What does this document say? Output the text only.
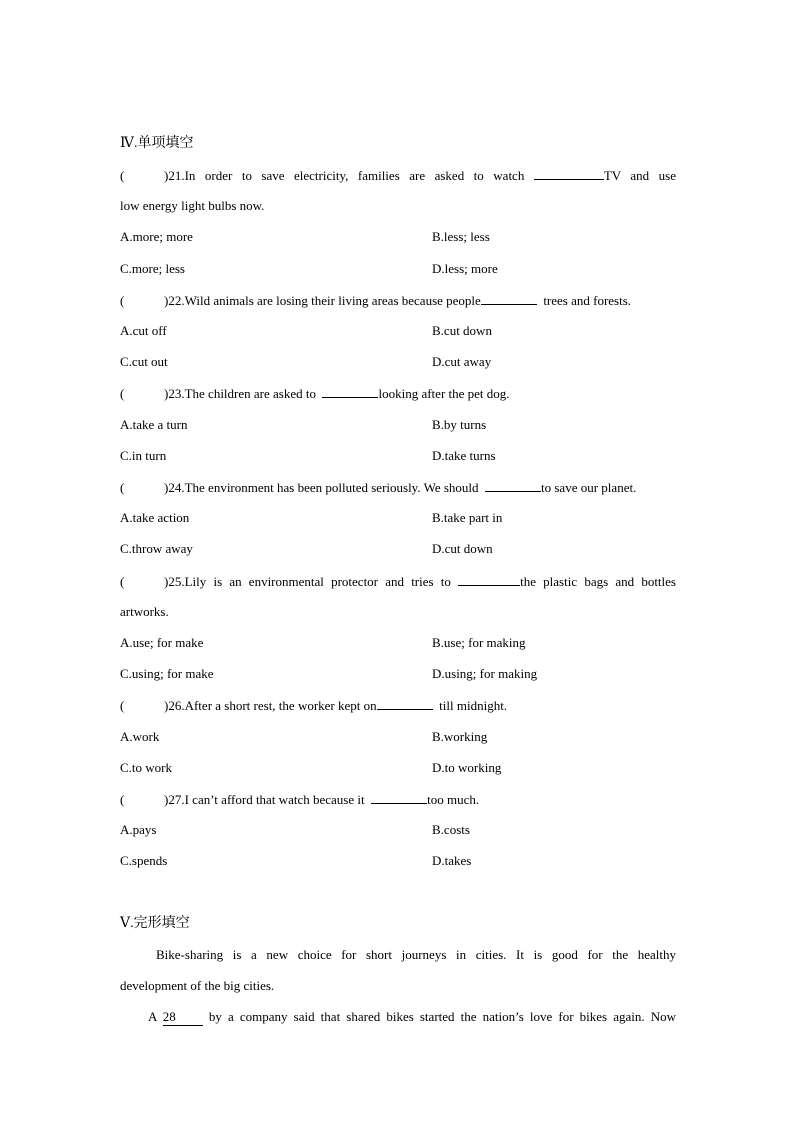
Ⅳ.单项填空
(	)21.In order to save electricity, families are asked to watch	TV and use
low energy light bulbs now.
A.more; more	B.less; less
C.more; less	D.less; more
(	)22.Wild animals are losing their living areas because people	trees and forests.
A.cut off	B.cut down
C.cut out	D.cut away
(	)23.The children are asked to	looking after the pet dog.
A.take a turn	B.by turns
C.in turn	D.take turns
(	)24.The environment has been polluted seriously. We should	to save our planet.
A.take action	B.take part in
C.throw away	D.cut down
(	)25.Lily is an environmental protector and tries to	the plastic bags and bottles
artworks.
A.use; for make	B.use; for making
C.using; for make	D.using; for making
(	)26.After a short rest, the worker kept on	till midnight.
A.work	B.working
C.to work	D.to working
(	)27.I can’t afford that watch because it	too much.
A.pays	B.costs
C.spends	D.takes
Ⅴ.完形填空
Bike-sharing is a new choice for short journeys in cities. It is good for the healthy
development of the big cities.
A 28	by a company said that shared bikes started the nation’s love for bikes again. Now
